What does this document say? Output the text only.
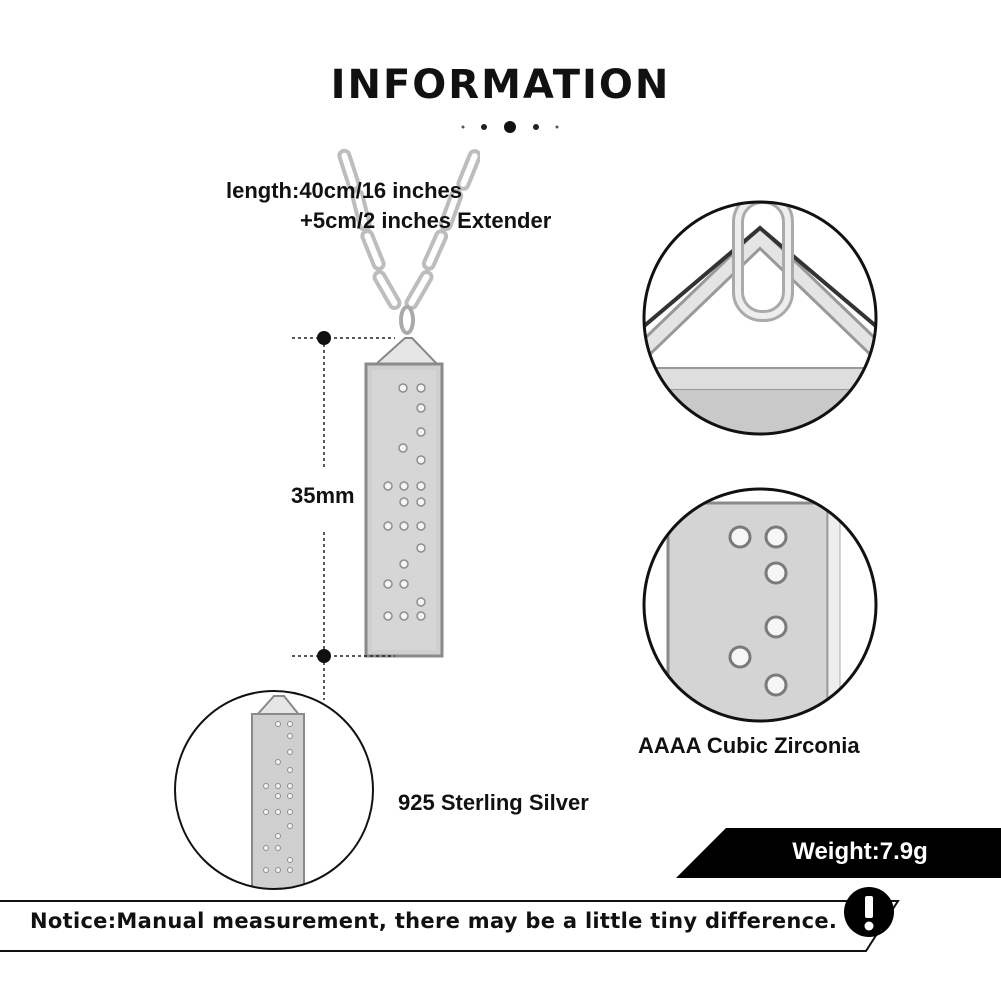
INFORMATION
length:40cm/16 inches
+5cm/2 inches Extender
35mm
AAAA Cubic Zirconia
925 Sterling Silver
Weight:7.9g
Notice:Manual measurement, there may be a little tiny difference.
